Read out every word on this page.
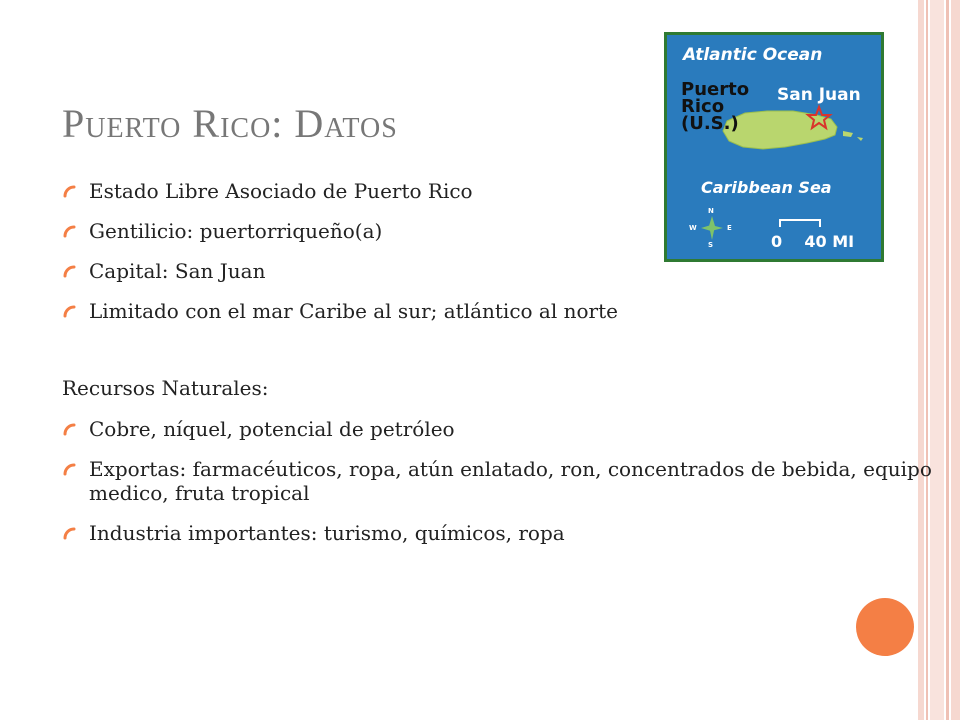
Puerto Rico: Datos
Estado Libre Asociado de Puerto Rico
Gentilicio: puertorriqueño(a)
Capital: San Juan
Limitado con el mar Caribe al sur; atlántico al norte

Recursos Naturales:

Cobre, níquel, potencial de petróleo
Exportas: farmacéuticos, ropa, atún enlatado, ron, concentrados de bebida, equipo medico, fruta tropical
Industria importantes: turismo, químicos, ropa
Atlantic Ocean
Puerto
Rico
(U.S.)
San Juan
Caribbean Sea
N
S
E
W
0    40 MI
